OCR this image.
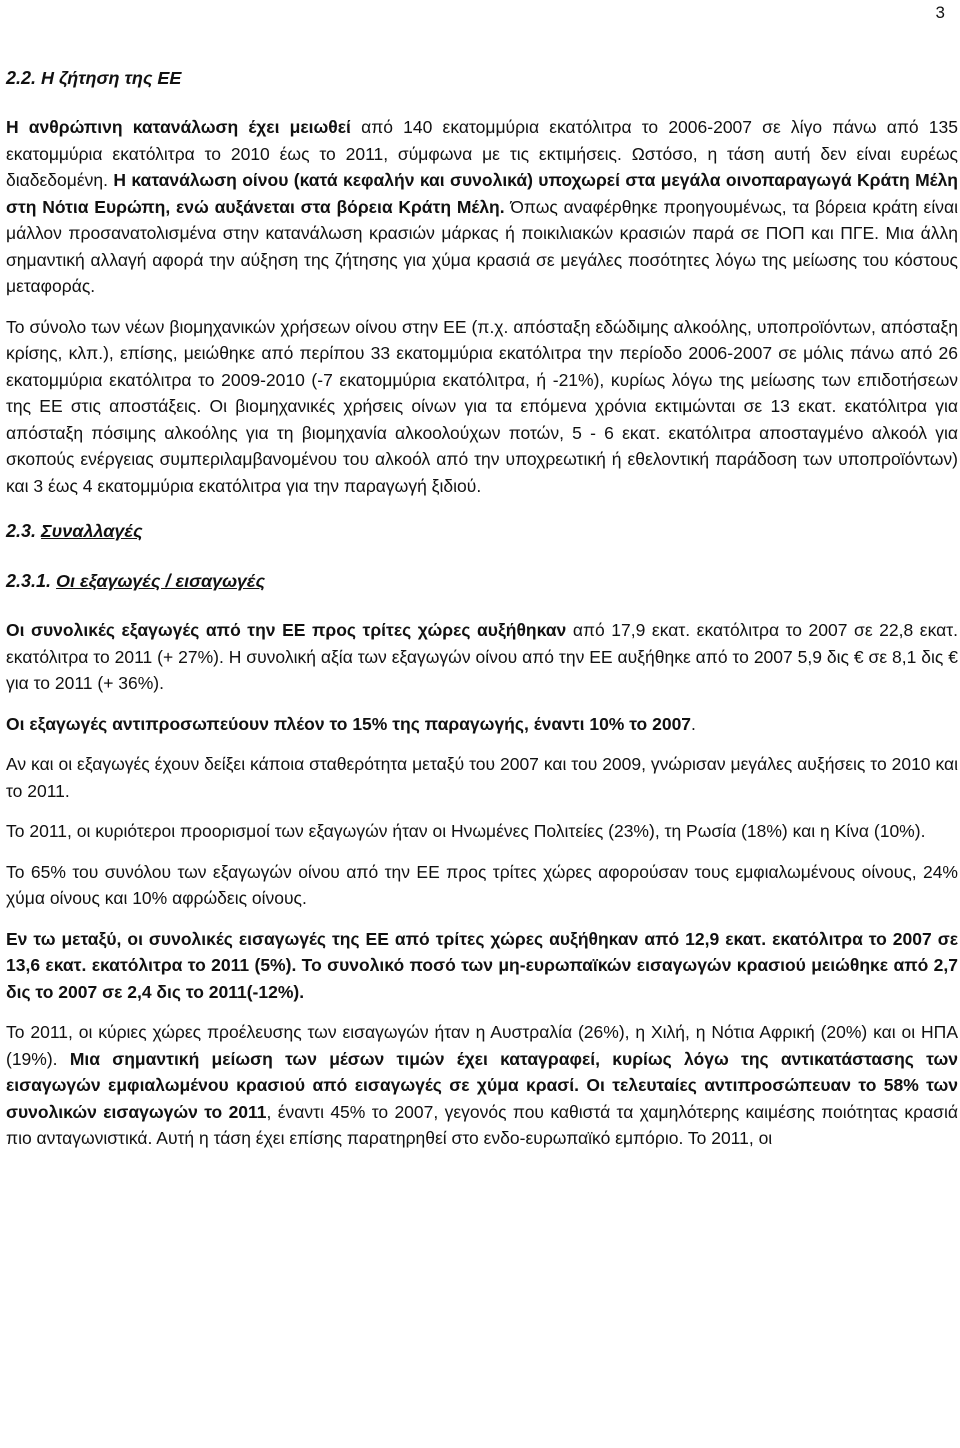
3
2.2. Η ζήτηση της ΕΕ

Η ανθρώπινη κατανάλωση έχει μειωθεί από 140 εκατομμύρια εκατόλιτρα το 2006-2007 σε λίγο πάνω από 135 εκατομμύρια εκατόλιτρα το 2010 έως το 2011, σύμφωνα με τις εκτιμήσεις. Ωστόσο, η τάση αυτή δεν είναι ευρέως διαδεδομένη. Η κατανάλωση οίνου (κατά κεφαλήν και συνολικά) υποχωρεί στα μεγάλα οινοπαραγωγά Κράτη Μέλη στη Νότια Ευρώπη, ενώ αυξάνεται στα βόρεια Κράτη Μέλη. Όπως αναφέρθηκε προηγουμένως, τα βόρεια κράτη είναι μάλλον προσανατολισμένα στην κατανάλωση κρασιών μάρκας ή ποικιλιακών κρασιών παρά σε ΠΟΠ και ΠΓΕ. Μια άλλη σημαντική αλλαγή αφορά την αύξηση της ζήτησης για χύμα κρασιά σε μεγάλες ποσότητες λόγω της μείωσης του κόστους μεταφοράς.

Το σύνολο των νέων βιομηχανικών χρήσεων οίνου στην ΕΕ (π.χ. απόσταξη εδώδιμης αλκοόλης, υποπροϊόντων, απόσταξη κρίσης, κλπ.), επίσης, μειώθηκε από περίπου 33 εκατομμύρια εκατόλιτρα την περίοδο 2006-2007 σε μόλις πάνω από 26 εκατομμύρια εκατόλιτρα το 2009-2010 (-7 εκατομμύρια εκατόλιτρα, ή -21%), κυρίως λόγω της μείωσης των επιδοτήσεων της ΕΕ στις αποστάξεις. Οι βιομηχανικές χρήσεις οίνων για τα επόμενα χρόνια εκτιμώνται σε 13 εκατ. εκατόλιτρα για απόσταξη πόσιμης αλκοόλης για τη βιομηχανία αλκοολούχων ποτών, 5 - 6 εκατ. εκατόλιτρα αποσταγμένο αλκοόλ για σκοπούς ενέργειας συμπεριλαμβανομένου του αλκοόλ από την υποχρεωτική ή εθελοντική παράδοση των υποπροϊόντων) και 3 έως 4 εκατομμύρια εκατόλιτρα για την παραγωγή ξιδιού.

2.3. Συναλλαγές
2.3.1. Οι εξαγωγές / εισαγωγές

Οι συνολικές εξαγωγές από την ΕΕ προς τρίτες χώρες αυξήθηκαν από 17,9 εκατ. εκατόλιτρα το 2007 σε 22,8 εκατ. εκατόλιτρα το 2011 (+ 27%). Η συνολική αξία των εξαγωγών οίνου από την ΕΕ αυξήθηκε από το 2007 5,9 δις € σε 8,1 δις € για το 2011 (+ 36%).

Οι εξαγωγές αντιπροσωπεύουν πλέον το 15% της παραγωγής, έναντι 10% το 2007.

Αν και οι εξαγωγές έχουν δείξει κάποια σταθερότητα μεταξύ του 2007 και του 2009, γνώρισαν μεγάλες αυξήσεις το 2010 και το 2011.

Το 2011, οι κυριότεροι προορισμοί των εξαγωγών ήταν οι Ηνωμένες Πολιτείες (23%), τη Ρωσία (18%) και η Κίνα (10%).

Το 65% του συνόλου των εξαγωγών οίνου από την ΕΕ προς τρίτες χώρες αφορούσαν τους εμφιαλωμένους οίνους, 24% χύμα οίνους και 10% αφρώδεις οίνους.

Εν τω μεταξύ, οι συνολικές εισαγωγές της ΕΕ από τρίτες χώρες αυξήθηκαν από 12,9 εκατ. εκατόλιτρα το 2007 σε 13,6 εκατ. εκατόλιτρα το 2011 (5%). Το συνολικό ποσό των μη-ευρωπαϊκών εισαγωγών κρασιού μειώθηκε από 2,7 δις το 2007 σε 2,4 δις το 2011(-12%).

Το 2011, οι κύριες χώρες προέλευσης των εισαγωγών ήταν η Αυστραλία (26%), η Χιλή, η Νότια Αφρική (20%) και οι ΗΠΑ (19%). Μια σημαντική μείωση των μέσων τιμών έχει καταγραφεί, κυρίως λόγω της αντικατάστασης των εισαγωγών εμφιαλωμένου κρασιού από εισαγωγές σε χύμα κρασί. Οι τελευταίες αντιπροσώπευαν το 58% των συνολικών εισαγωγών το 2011, έναντι 45% το 2007, γεγονός που καθιστά τα χαμηλότερης καιμέσης ποιότητας κρασιά πιο ανταγωνιστικά. Αυτή η τάση έχει επίσης παρατηρηθεί στο ενδο-ευρωπαϊκό εμπόριο. Το 2011, οι
